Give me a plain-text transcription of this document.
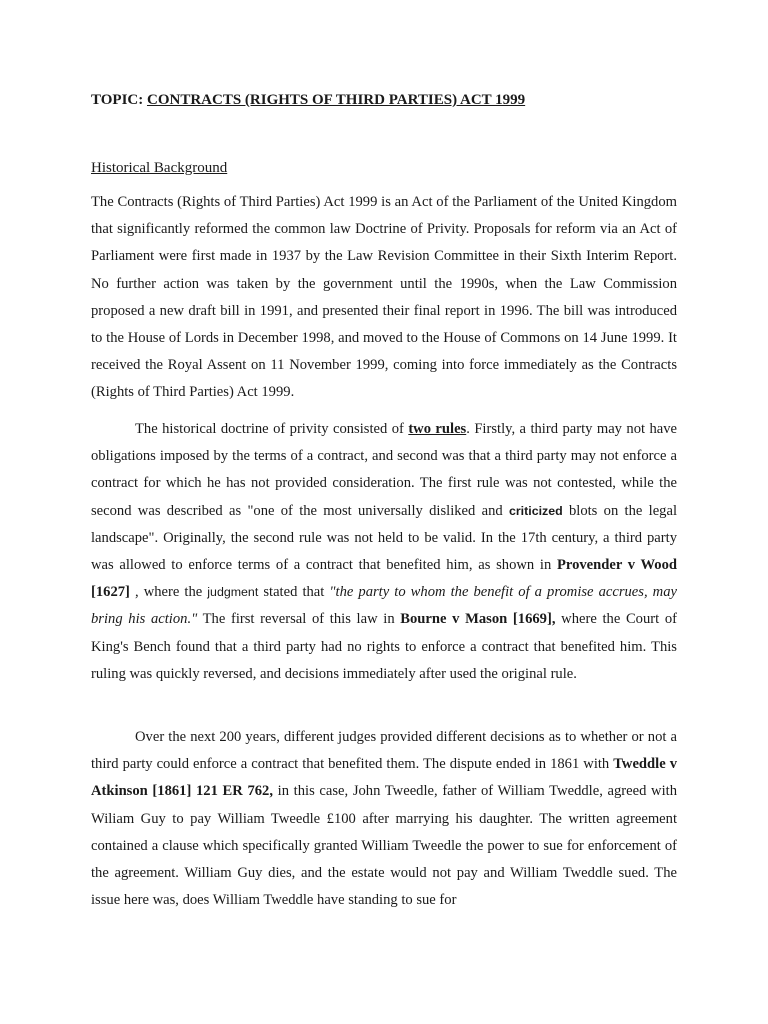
TOPIC: CONTRACTS (RIGHTS OF THIRD PARTIES) ACT 1999
Historical Background

The Contracts (Rights of Third Parties) Act 1999 is an Act of the Parliament of the United Kingdom that significantly reformed the common law Doctrine of Privity. Proposals for reform via an Act of Parliament were first made in 1937 by the Law Revision Committee in their Sixth Interim Report. No further action was taken by the government until the 1990s, when the Law Commission proposed a new draft bill in 1991, and presented their final report in 1996. The bill was introduced to the House of Lords in December 1998, and moved to the House of Commons on 14 June 1999. It received the Royal Assent on 11 November 1999, coming into force immediately as the Contracts (Rights of Third Parties) Act 1999.

The historical doctrine of privity consisted of two rules. Firstly, a third party may not have obligations imposed by the terms of a contract, and second was that a third party may not enforce a contract for which he has not provided consideration. The first rule was not contested, while the second was described as "one of the most universally disliked and criticized blots on the legal landscape". Originally, the second rule was not held to be valid. In the 17th century, a third party was allowed to enforce terms of a contract that benefited him, as shown in Provender v Wood [1627] , where the judgment stated that "the party to whom the benefit of a promise accrues, may bring his action." The first reversal of this law in Bourne v Mason [1669], where the Court of King's Bench found that a third party had no rights to enforce a contract that benefited him. This ruling was quickly reversed, and decisions immediately after used the original rule.

Over the next 200 years, different judges provided different decisions as to whether or not a third party could enforce a contract that benefited them. The dispute ended in 1861 with Tweddle v Atkinson [1861] 121 ER 762, in this case, John Tweedle, father of William Tweddle, agreed with Wiliam Guy to pay William Tweedle £100 after marrying his daughter. The written agreement contained a clause which specifically granted William Tweedle the power to sue for enforcement of the agreement. William Guy dies, and the estate would not pay and William Tweddle sued. The issue here was, does William Tweddle have standing to sue for
